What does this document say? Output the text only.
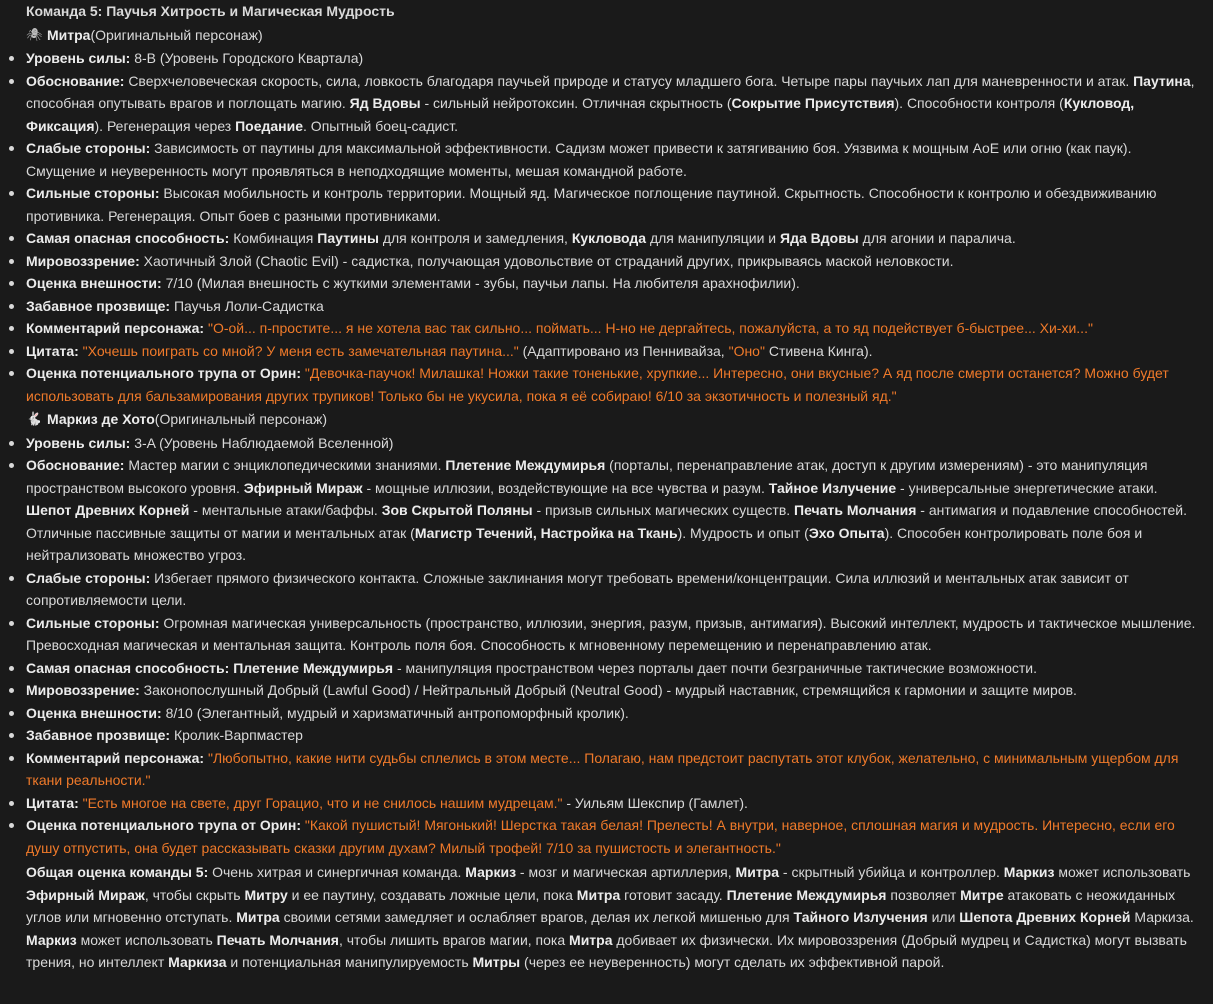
Команда 5: Паучья Хитрость и Магическая Мудрость

🕷 Митра (Оригинальный персонаж)
Уровень силы: 8-B (Уровень Городского Квартала)
Обоснование: Сверхчеловеческая скорость, сила, ловкость благодаря паучьей природе и статусу младшего бога. Четыре пары паучьих лап для маневренности и атак. Паутина, способная опутывать врагов и поглощать магию. Яд Вдовы - сильный нейротоксин. Отличная скрытность (Сокрытие Присутствия). Способности контроля (Кукловод, Фиксация). Регенерация через Поедание. Опытный боец-садист.
Слабые стороны: Зависимость от паутины для максимальной эффективности. Садизм может привести к затягиванию боя. Уязвима к мощным AoE или огню (как паук). Смущение и неуверенность могут проявляться в неподходящие моменты, мешая командной работе.
Сильные стороны: Высокая мобильность и контроль территории. Мощный яд. Магическое поглощение паутиной. Скрытность. Способности к контролю и обездвиживанию противника. Регенерация. Опыт боев с разными противниками.
Самая опасная способность: Комбинация Паутины для контроля и замедления, Кукловода для манипуляции и Яда Вдовы для агонии и паралича.
Мировоззрение: Хаотичный Злой (Chaotic Evil) - садистка, получающая удовольствие от страданий других, прикрываясь маской неловкости.
Оценка внешности: 7/10 (Милая внешность с жуткими элементами - зубы, паучьи лапы. На любителя арахнофилии).
Забавное прозвище: Паучья Лоли-Садистка
Комментарий персонажа: "О-ой... п-простите... я не хотела вас так сильно... поймать... Н-но не дергайтесь, пожалуйста, а то яд подействует б-быстрее... Хи-хи..."
Цитата: "Хочешь поиграть со мной? У меня есть замечательная паутина..." (Адаптировано из Пеннивайза, "Оно" Стивена Кинга).
Оценка потенциального трупа от Орин: "Девочка-паучок! Милашка! Ножки такие тоненькие, хрупкие... Интересно, они вкусные? А яд после смерти останется? Можно будет использовать для бальзамирования других трупиков! Только бы не укусила, пока я её собираю! 6/10 за экзотичность и полезный яд."
🐇 Маркиз де Хото (Оригинальный персонаж)
Уровень силы: 3-A (Уровень Наблюдаемой Вселенной)
Обоснование: Мастер магии с энциклопедическими знаниями. Плетение Междумирья (порталы, перенаправление атак, доступ к другим измерениям) - это манипуляция пространством высокого уровня. Эфирный Мираж - мощные иллюзии, воздействующие на все чувства и разум. Тайное Излучение - универсальные энергетические атаки. Шепот Древних Корней - ментальные атаки/баффы. Зов Скрытой Поляны - призыв сильных магических существ. Печать Молчания - антимагия и подавление способностей. Отличные пассивные защиты от магии и ментальных атак (Магистр Течений, Настройка на Ткань). Мудрость и опыт (Эхо Опыта). Способен контролировать поле боя и нейтрализовать множество угроз.
Слабые стороны: Избегает прямого физического контакта. Сложные заклинания могут требовать времени/концентрации. Сила иллюзий и ментальных атак зависит от сопротивляемости цели.
Сильные стороны: Огромная магическая универсальность (пространство, иллюзии, энергия, разум, призыв, антимагия). Высокий интеллект, мудрость и тактическое мышление. Превосходная магическая и ментальная защита. Контроль поля боя. Способность к мгновенному перемещению и перенаправлению атак.
Самая опасная способность: Плетение Междумирья - манипуляция пространством через порталы дает почти безграничные тактические возможности.
Мировоззрение: Законопослушный Добрый (Lawful Good) / Нейтральный Добрый (Neutral Good) - мудрый наставник, стремящийся к гармонии и защите миров.
Оценка внешности: 8/10 (Элегантный, мудрый и харизматичный антропоморфный кролик).
Забавное прозвище: Кролик-Варпмастер
Комментарий персонажа: "Любопытно, какие нити судьбы сплелись в этом месте... Полагаю, нам предстоит распутать этот клубок, желательно, с минимальным ущербом для ткани реальности."
Цитата: "Есть многое на свете, друг Горацио, что и не снилось нашим мудрецам." - Уильям Шекспир (Гамлет).
Оценка потенциального трупа от Орин: "Какой пушистый! Мягонький! Шерстка такая белая! Прелесть! А внутри, наверное, сплошная магия и мудрость. Интересно, если его душу отпустить, она будет рассказывать сказки другим духам? Милый трофей! 7/10 за пушистость и элегантность."

Общая оценка команды 5: Очень хитрая и синергичная команда. Маркиз - мозг и магическая артиллерия, Митра - скрытный убийца и контроллер. Маркиз может использовать Эфирный Мираж, чтобы скрыть Митру и ее паутину, создавать ложные цели, пока Митра готовит засаду. Плетение Междумирья позволяет Митре атаковать с неожиданных углов или мгновенно отступать. Митра своими сетями замедляет и ослабляет врагов, делая их легкой мишенью для Тайного Излучения или Шепота Древних Корней Маркиза. Маркиз может использовать Печать Молчания, чтобы лишить врагов магии, пока Митра добивает их физически. Их мировоззрения (Добрый мудрец и Садистка) могут вызвать трения, но интеллект Маркиза и потенциальная манипулируемость Митры (через ее неуверенность) могут сделать их эффективной парой.
